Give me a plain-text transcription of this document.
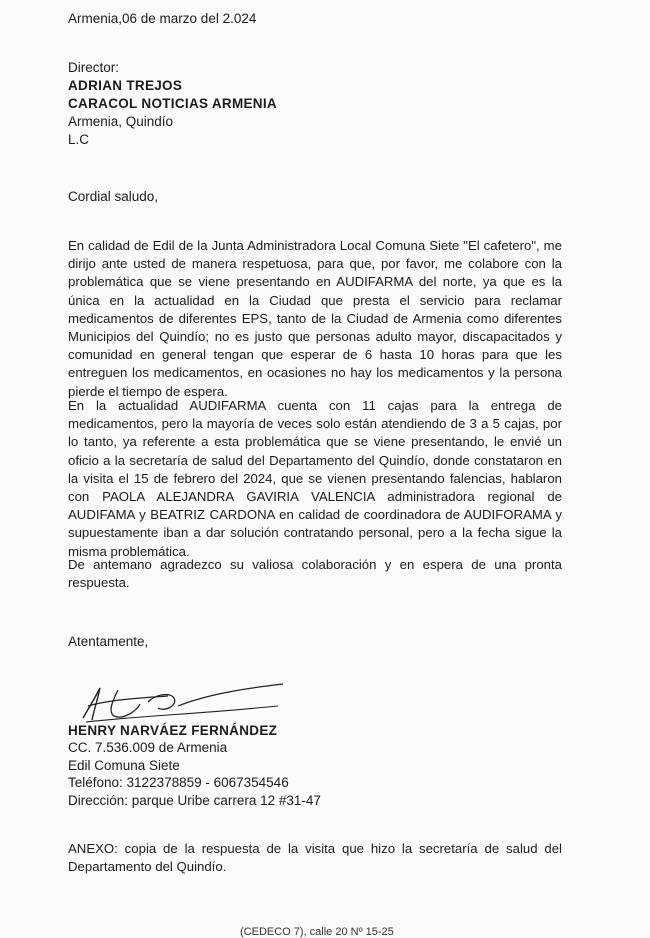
Armenia,06 de marzo del 2.024
Director:
ADRIAN TREJOS
CARACOL NOTICIAS ARMENIA
Armenia, Quindío
L.C
Cordial saludo,
En calidad de Edil de la Junta Administradora Local Comuna Siete "El cafetero", me dirijo ante usted de manera respetuosa, para que, por favor, me colabore con la problemática que se viene presentando en AUDIFARMA del norte, ya que es la única en la actualidad en la Ciudad que presta el servicio para reclamar medicamentos de diferentes EPS, tanto de la Ciudad de Armenia como diferentes Municipios del Quindío; no es justo que personas adulto mayor, discapacitados y comunidad en general tengan que esperar de 6 hasta 10 horas para que les entreguen los medicamentos, en ocasiones no hay los medicamentos y la persona pierde el tiempo de espera.
En la actualidad AUDIFARMA cuenta con 11 cajas para la entrega de medicamentos, pero la mayoría de veces solo están atendiendo de 3 a 5 cajas, por lo tanto, ya referente a esta problemática que se viene presentando, le envié un oficio a la secretaría de salud del Departamento del Quindío, donde constataron en la visita el 15 de febrero del 2024, que se vienen presentando falencias, hablaron con PAOLA ALEJANDRA GAVIRIA VALENCIA administradora regional de AUDIFAMA y BEATRIZ CARDONA en calidad de coordinadora de AUDIFORAMA y supuestamente iban a dar solución contratando personal, pero a la fecha sigue la misma problemática.
De antemano agradezco su valiosa colaboración y en espera de una pronta respuesta.
Atentamente,
HENRY NARVÁEZ FERNÁNDEZ
CC. 7.536.009 de Armenia
Edil Comuna Siete
Teléfono: 3122378859 - 6067354546
Dirección: parque Uribe carrera 12 #31-47
ANEXO: copia de la respuesta de la visita que hizo la secretaría de salud del Departamento del Quindío.
(CEDECO 7), calle 20 Nº 15-25
